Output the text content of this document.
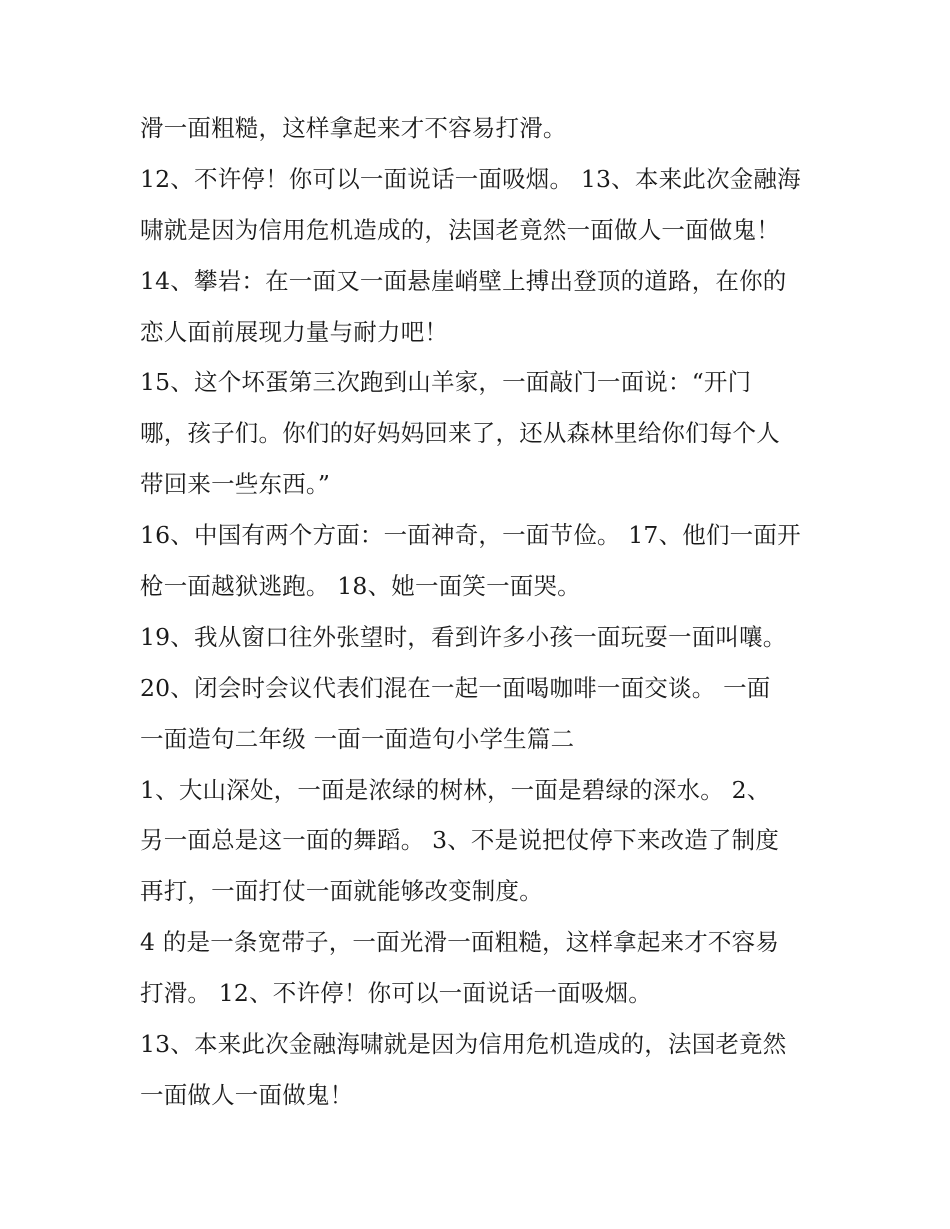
滑一面粗糙，这样拿起来才不容易打滑。
12、不许停！你可以一面说话一面吸烟。 13、本来此次金融海
啸就是因为信用危机造成的，法国老竟然一面做人一面做鬼！
14、攀岩：在一面又一面悬崖峭壁上搏出登顶的道路，在你的
恋人面前展现力量与耐力吧！
15、这个坏蛋第三次跑到山羊家，一面敲门一面说：“开门
哪，孩子们。你们的好妈妈回来了，还从森林里给你们每个人
带回来一些东西。”
16、中国有两个方面：一面神奇，一面节俭。 17、他们一面开
枪一面越狱逃跑。 18、她一面笑一面哭。
19、我从窗口往外张望时，看到许多小孩一面玩耍一面叫嚷。
20、闭会时会议代表们混在一起一面喝咖啡一面交谈。 一面
一面造句二年级 一面一面造句小学生篇二
1、大山深处，一面是浓绿的树林，一面是碧绿的深水。 2、
另一面总是这一面的舞蹈。 3、不是说把仗停下来改造了制度
再打，一面打仗一面就能够改变制度。
4 的是一条宽带子，一面光滑一面粗糙，这样拿起来才不容易
打滑。 12、不许停！你可以一面说话一面吸烟。
13、本来此次金融海啸就是因为信用危机造成的，法国老竟然
一面做人一面做鬼！
